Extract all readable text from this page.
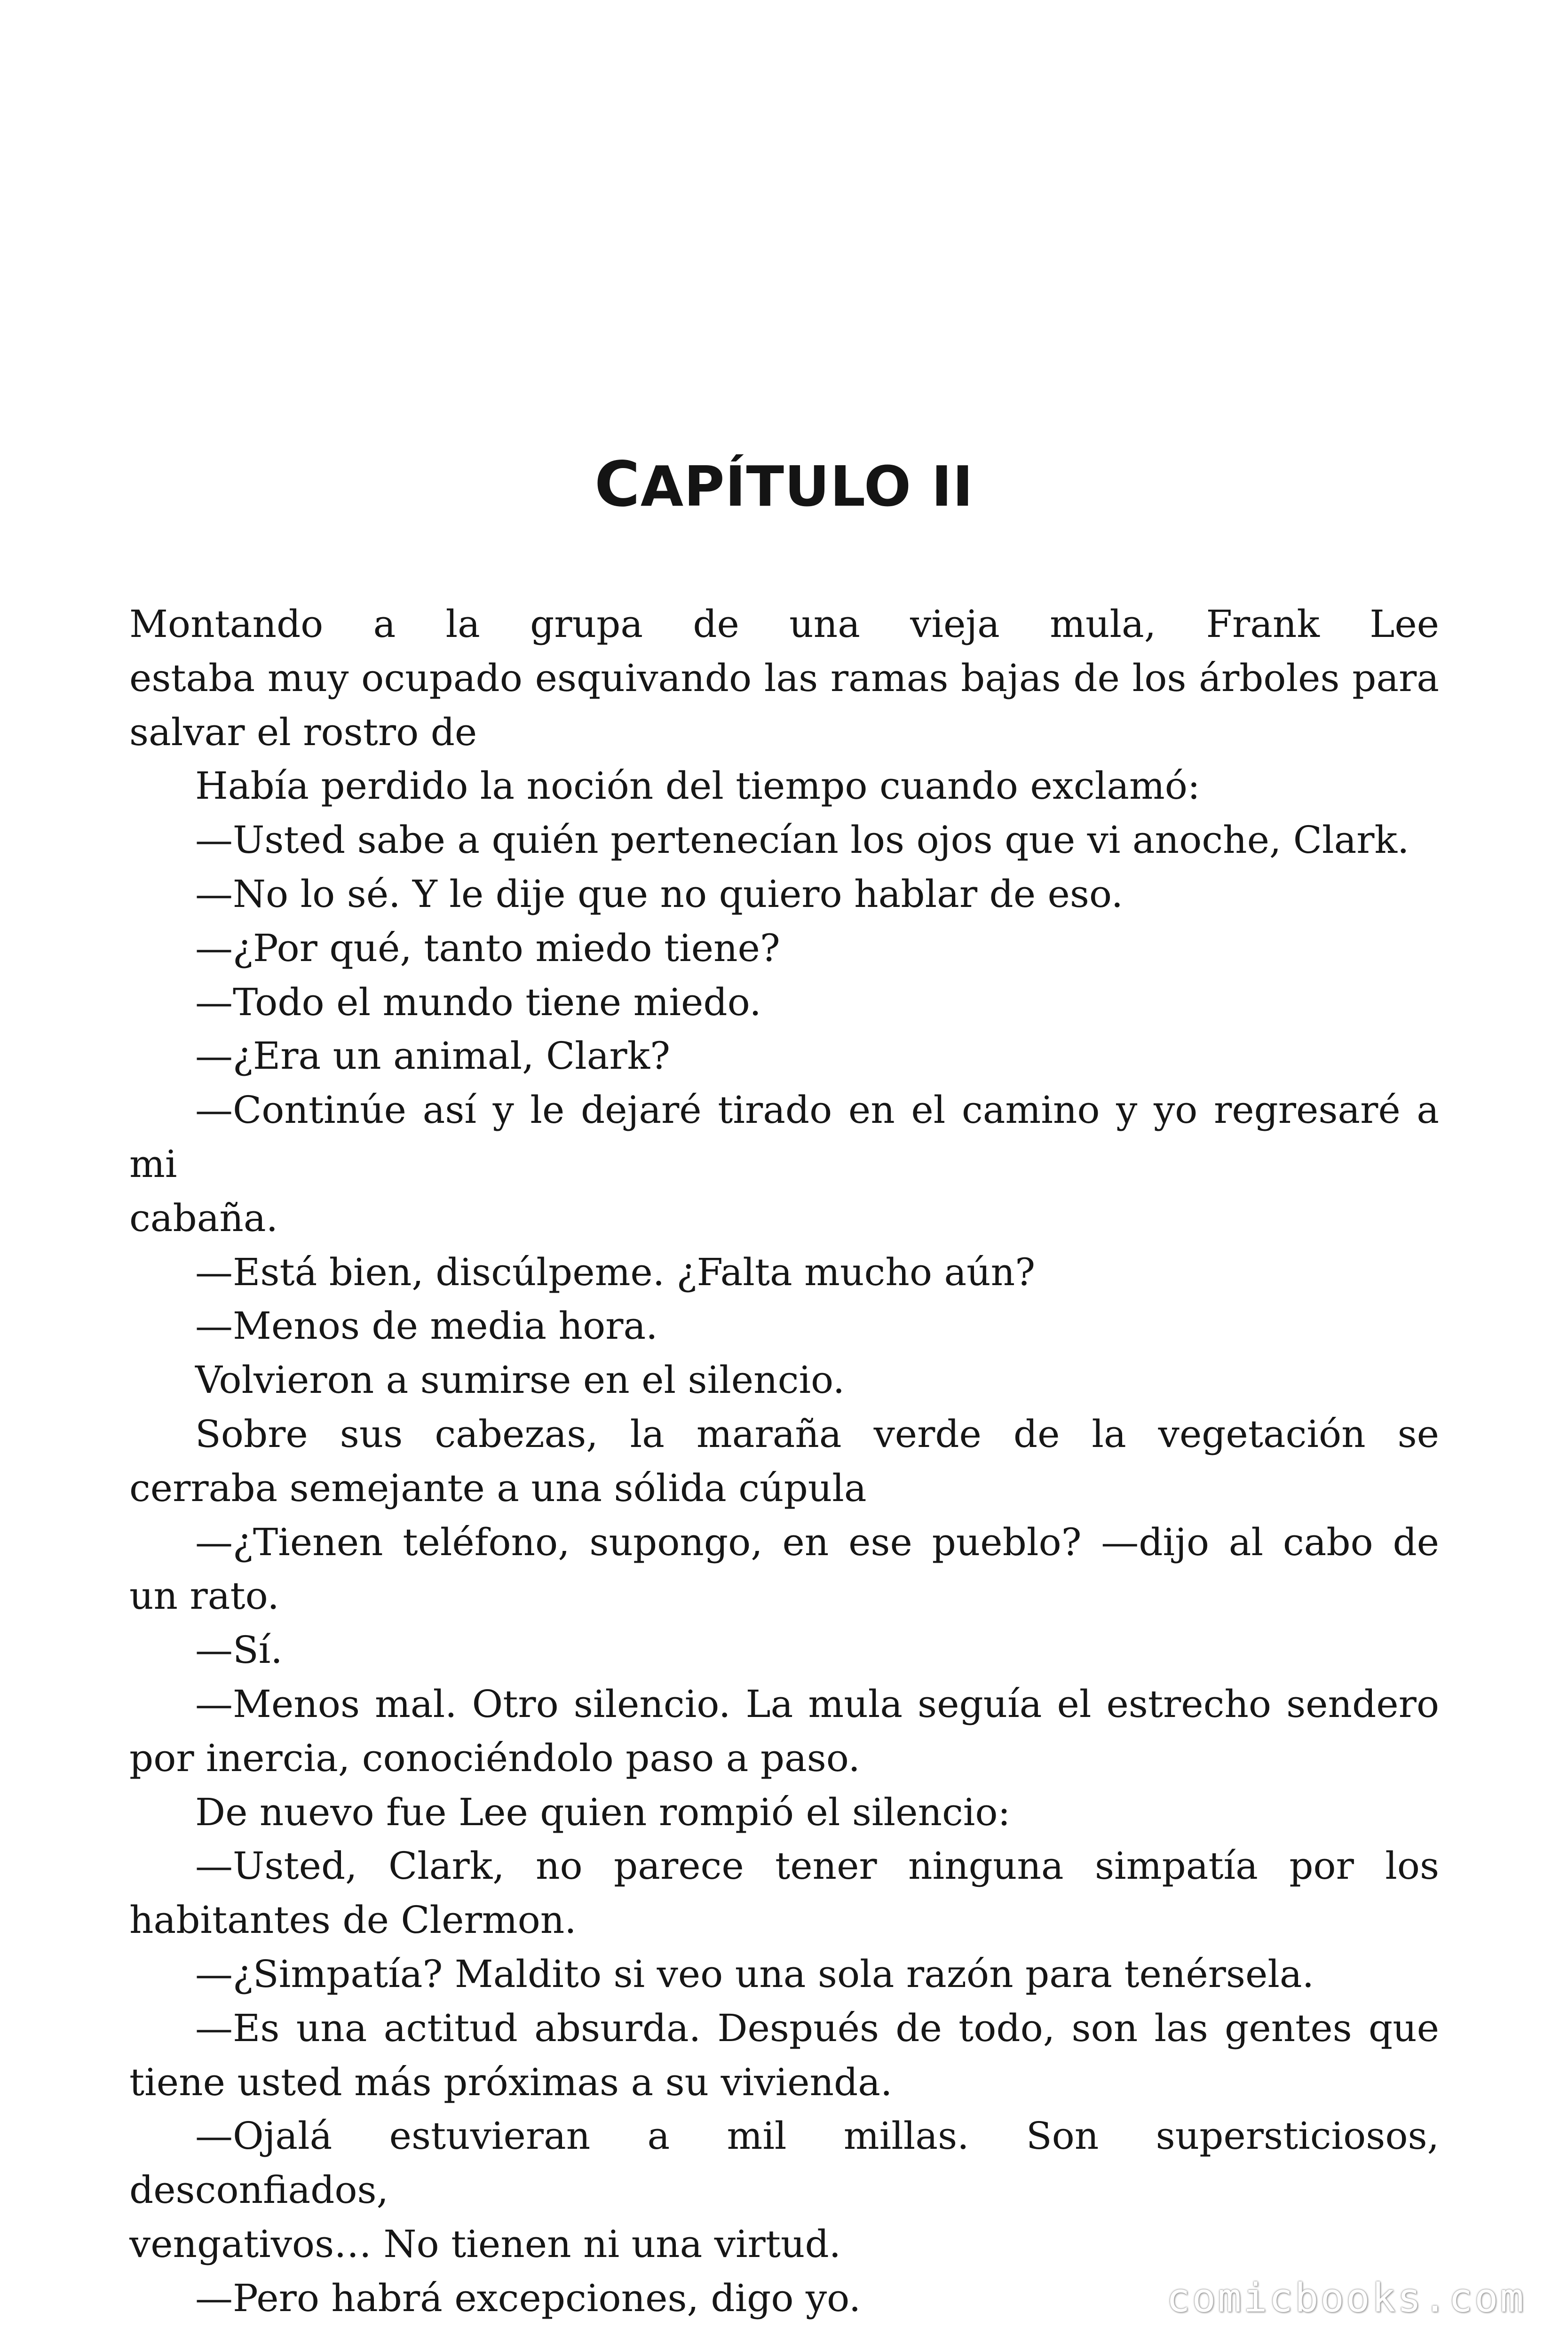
CAPÍTULO II

Montando a la grupa de una vieja mula, Frank Lee

estaba muy ocupado esquivando las ramas bajas de los árboles para

salvar el rostro de

Había perdido la noción del tiempo cuando exclamó:

—Usted sabe a quién pertenecían los ojos que vi anoche, Clark.

—No lo sé. Y le dije que no quiero hablar de eso.

—¿Por qué, tanto miedo tiene?

—Todo el mundo tiene miedo.

—¿Era un animal, Clark?

—Continúe así y le dejaré tirado en el camino y yo regresaré a mi

cabaña.

—Está bien, discúlpeme. ¿Falta mucho aún?

—Menos de media hora.

Volvieron a sumirse en el silencio.

Sobre sus cabezas, la maraña verde de la vegetación se

cerraba semejante a una sólida cúpula

—¿Tienen teléfono, supongo, en ese pueblo? —dijo al cabo de

un rato.

—Sí.

—Menos mal. Otro silencio. La mula seguía el estrecho sendero

por inercia, conociéndolo paso a paso.

De nuevo fue Lee quien rompió el silencio:

—Usted, Clark, no parece tener ninguna simpatía por los

habitantes de Clermon.

—¿Simpatía? Maldito si veo una sola razón para tenérsela.

—Es una actitud absurda. Después de todo, son las gentes que

tiene usted más próximas a su vivienda.

—Ojalá estuvieran a mil millas. Son supersticiosos, desconfiados,

vengativos… No tienen ni una virtud.

—Pero habrá excepciones, digo yo.	comicbooks.com
